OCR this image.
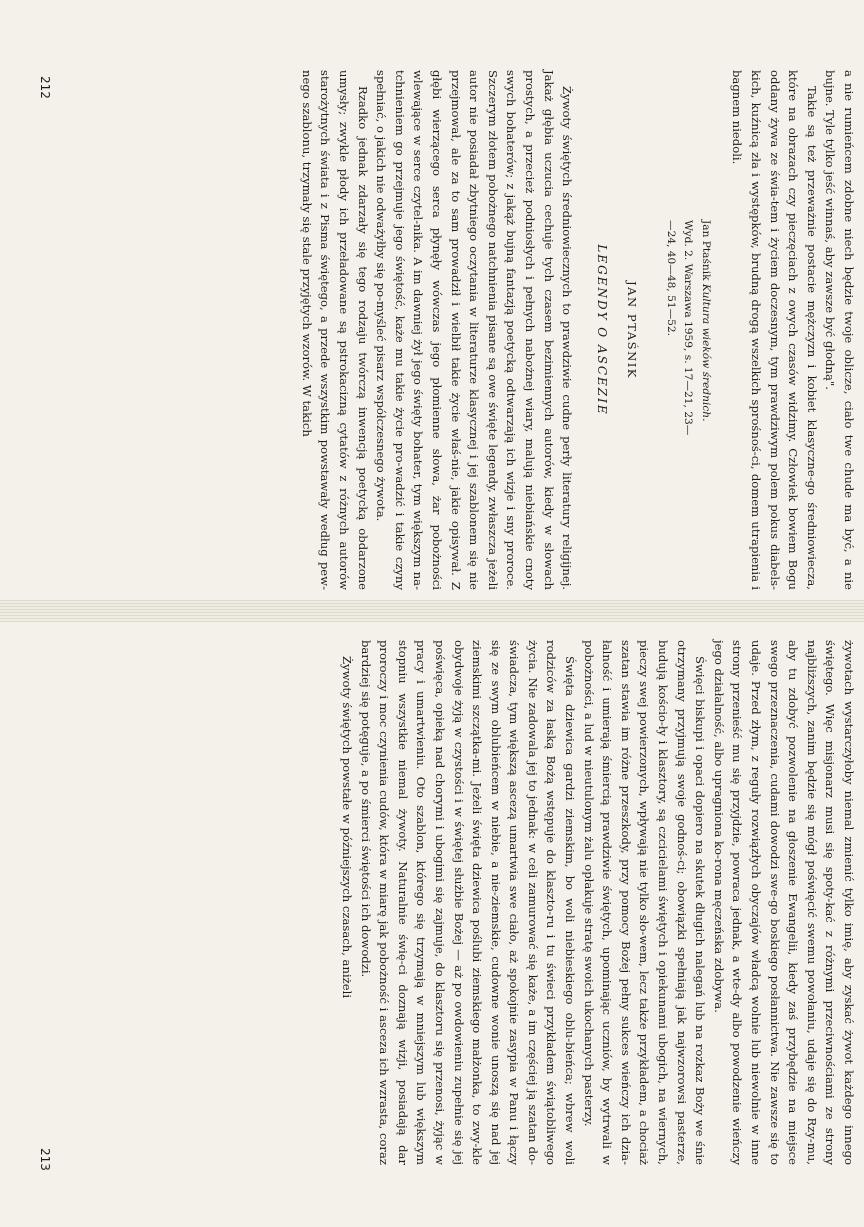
a nie rumieńcem zdobne niech będzie twoje oblicze, ciało twe chude ma być, a nie bujne. Tyle tylko jeść winnaś, aby zawsze być głodną".

Takie są też przeważnie postacie mężczyzn i kobiet klasyczne-go średniowiecza, które na obrazach czy pieczęciach z owych czasów widzimy. Człowiek bowiem Bogu oddany żywa ze świa-tem i życiem doczesnym, tym prawdziwym polem pokus diabels-kich, kuźnicą zła i występków, brudną drogą wszelkich sprośnoś-ci, domem utrapienia i bagnem niedoli.

Jan Ptaśnik Kultura wieków średnich.
Wyd. 2. Warszawa 1959, s. 17—21, 23—
—24, 40—48, 51—52.

JAN PTAŚNIK

LEGENDY O ASCEZIE

Żywoty świętych średniowiecznych to prawdziwie cudne perły literatury religijnej. Jakaż głębia uczucia cechuje tych czasem bezimiennych autorów, kiedy w słowach prostych, a przecież podniosłych i pełnych nabożnej wiary, malują niebiańskie cnoty swych bohaterów; z jakąż bujną fantazją poetycką odtwarzają ich wizje i sny proroce. Szczerym złotem pobożnego natchnienia pisane są owe święte legendy, zwłaszcza jeżeli autor nie posiadał zbytniego oczytania w literaturze klasycznej i jej szablonem się nie przejmował, ale za to sam prowadził i wielbił takie życie właś-nie, jakie opisywał. Z głębi wierzącego serca płynęły wówczas jego płomienne słowa, żar pobożności wlewające w serce czytel-nika. A im dawniej żył jego święty bohater, tym większym na-tchnieniem go przejmuje jego świętość, każe mu takie życie pro-wadzić i takie czyny spełniać, o jakich nie odważyłby się po-myśleć pisarz współczesnego żywota.

Rzadko jednak zdarzały się tego rodzaju twórczą inwencją poetycką obdarzone umysły; zwykle płody ich przeładowane są pstrokacizną cytatów z różnych autorów starożytnych świata i z Pisma świętego, a przede wszystkim powstawały według pew-nego szablonu, trzymały się stale przyjętych wzorów. W takich

212

żywotach wystarczyłoby niemal zmienić tylko imię, aby zyskać żywot każdego innego świętego. Więc misjonarz musi się spoty-kać z różnymi przeciwnościami ze strony najbliższych, zanim będzie się mógł poświęcić swemu powołaniu, udaje się do Rzy-mu, aby tu zdobyć pozwolenie na głoszenie Ewangelii, kiedy zaś przybędzie na miejsce swego przeznaczenia, cudami dowodzi swe-go boskiego posłannictwa. Nie zawsze się to udaje. Przed złym, z reguły rozwiązłych obyczajów władcą wolnie lub niewolnie w inne strony przenieść mu się przyjdzie, powraca jednak, a wte-dy albo powodzenie wieńczy jego działalność, albo upragniona ko-rona męczeńska zdobywa.

Święci biskupi i opaci dopiero na skutek długich nalegań lub na rozkaz Boży we śnie otrzymany przyjmują swoje godnoś-ci; obowiązki spełniają jak najwzorowsi pasterze, budują kościo-ły i klasztory, są czcicielami świętych i opiekunami ubogich, na wiernych, pieczy swej powierzonych, wpływają nie tylko sło-wem, lecz także przykładem, a chociaż szatan stawia im różne przeszkody, przy pomocy Bożej pełny sukces wieńczy ich dzia-łalność i umierają śmiercią prawdziwie świętych, upominając uczniów, by wytrwali w pobożności, a lud w nieutulonym żalu opłakuje stratę swoich ukochanych pasterzy.

Święta dziewica gardzi ziemskim, bo woli niebieskiego oblu-bieńca; wbrew woli rodziców za łaską Bożą wstępuje do klaszto-ru i tu świeci przykładem świątobliwego życia. Nie zadowala jej to jednak: w celi zamurować się każe, a im częściej ją szatan do-świadcza, tym większą ascezą umartwia swe ciało, aż spokojnie zasypia w Panu i łączy się ze swym oblubieńcem w niebie, a nie-ziemskie, cudowne wonie unoszą się nad jej ziemskimi szczątka-mi. Jeżeli święta dziewica poślubi ziemskiego małżonka, to zwy-kle obydwoje żyją w czystości i w świętej służbie Bożej — aż po owdowieniu zupełnie się jej poświęca, opieką nad chorymi i ubogimi się zajmuje, do klasztoru się przenosi, żyjąc w pracy i umartwieniu. Oto szablon, którego się trzymają w mniejszym lub większym stopniu wszystkie niemal żywoty. Naturalnie świę-ci doznają wizji, posiadają dar proroczy i moc czynienia cudów, która w miarę jak pobożność i asceza ich wzrasta, coraz bardziej się potęguje, a po śmierci świętości ich dowodzi.

Żywoty świętych powstałe w późniejszych czasach, aniżeli

213
